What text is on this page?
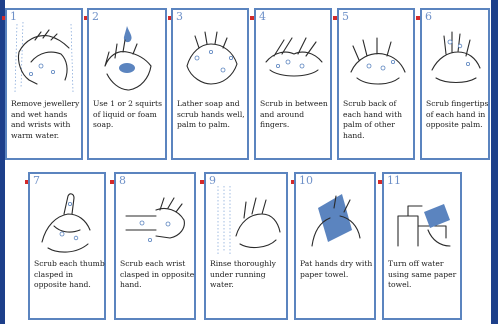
1
Remove jewellery and wet hands and wrists with warm water.
2
Use 1 or 2 squirts of liquid or foam soap.
3
Lather soap and scrub hands well, palm to palm.
4
Scrub in between and around fingers.
5
Scrub back of each hand with palm of other hand.
6
Scrub fingertips of each hand in opposite palm.
7
Scrub each thumb clasped in opposite hand.
8
Scrub each wrist clasped in opposite hand.
9
Rinse thoroughly under running water.
10
Pat hands dry with paper towel.
11
Turn off water using same paper towel.
